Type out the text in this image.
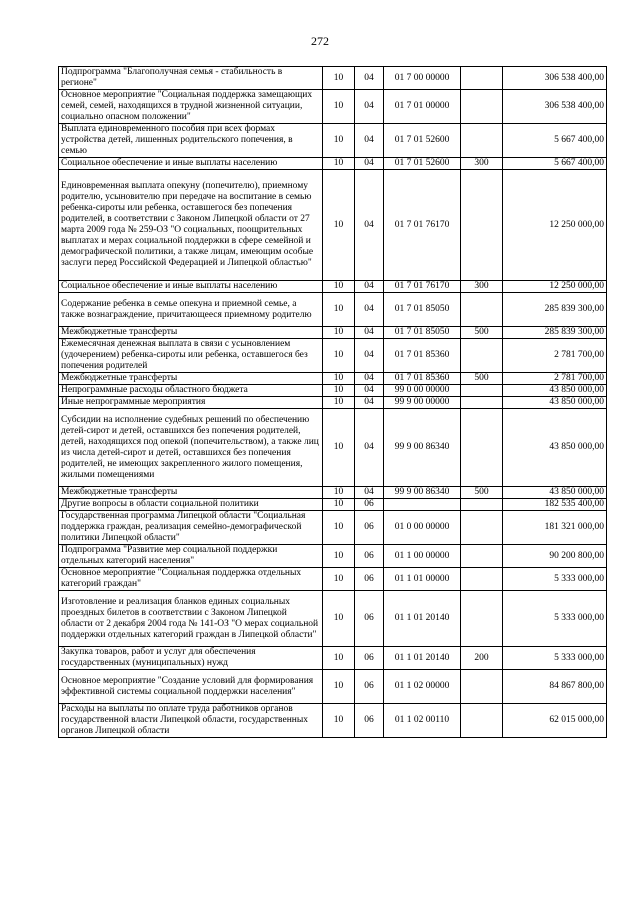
272
Подпрограмма "Благополучная семья - стабильность в регионе"	10	04	01 7 00 00000		306 538 400,00
Основное мероприятие "Социальная поддержка замещающих семей, семей, находящихся в трудной жизненной ситуации, социально опасном положении"	10	04	01 7 01 00000		306 538 400,00
Выплата единовременного пособия при всех формах устройства детей, лишенных родительского попечения, в семью	10	04	01 7 01 52600		5 667 400,00
Социальное обеспечение и иные выплаты населению	10	04	01 7 01 52600	300	5 667 400,00
Единовременная выплата опекуну (попечителю), приемному родителю, усыновителю при передаче на воспитание в семью ребенка-сироты или ребенка, оставшегося без попечения родителей, в соответствии с Законом Липецкой области от 27 марта 2009 года № 259-ОЗ "О социальных, поощрительных выплатах и мерах социальной поддержки в сфере семейной и демографической политики, а также лицам, имеющим особые заслуги перед Российской Федерацией и Липецкой областью"	10	04	01 7 01 76170		12 250 000,00
Социальное обеспечение и иные выплаты населению	10	04	01 7 01 76170	300	12 250 000,00
Содержание ребенка в семье опекуна и приемной семье, а также вознаграждение, причитающееся приемному родителю	10	04	01 7 01 85050		285 839 300,00
Межбюджетные трансферты	10	04	01 7 01 85050	500	285 839 300,00
Ежемесячная денежная выплата в связи с усыновлением (удочерением) ребенка-сироты или ребенка, оставшегося без попечения родителей	10	04	01 7 01 85360		2 781 700,00
Межбюджетные трансферты	10	04	01 7 01 85360	500	2 781 700,00
Непрограммные расходы областного бюджета	10	04	99 0 00 00000		43 850 000,00
Иные непрограммные мероприятия	10	04	99 9 00 00000		43 850 000,00
Субсидии на исполнение судебных решений по обеспечению детей-сирот и детей, оставшихся без попечения родителей, детей, находящихся под опекой (попечительством), а также лиц из числа детей-сирот и детей, оставшихся без попечения родителей, не имеющих закрепленного жилого помещения, жилыми помещениями	10	04	99 9 00 86340		43 850 000,00
Межбюджетные трансферты	10	04	99 9 00 86340	500	43 850 000,00
Другие вопросы в области социальной политики	10	06			182 535 400,00
Государственная программа Липецкой области "Социальная поддержка граждан, реализация семейно-демографической политики Липецкой области"	10	06	01 0 00 00000		181 321 000,00
Подпрограмма "Развитие мер социальной поддержки отдельных категорий населения"	10	06	01 1 00 00000		90 200 800,00
Основное мероприятие "Социальная поддержка отдельных категорий граждан"	10	06	01 1 01 00000		5 333 000,00
Изготовление и реализация бланков единых социальных проездных билетов в соответствии с Законом Липецкой области от 2 декабря 2004 года № 141-ОЗ "О мерах социальной поддержки отдельных категорий граждан в Липецкой области"	10	06	01 1 01 20140		5 333 000,00
Закупка товаров, работ и услуг для обеспечения государственных (муниципальных) нужд	10	06	01 1 01 20140	200	5 333 000,00
Основное мероприятие "Создание условий для формирования эффективной системы социальной поддержки населения"	10	06	01 1 02 00000		84 867 800,00
Расходы на выплаты по оплате труда работников органов государственной власти Липецкой области, государственных органов Липецкой области	10	06	01 1 02 00110		62 015 000,00
